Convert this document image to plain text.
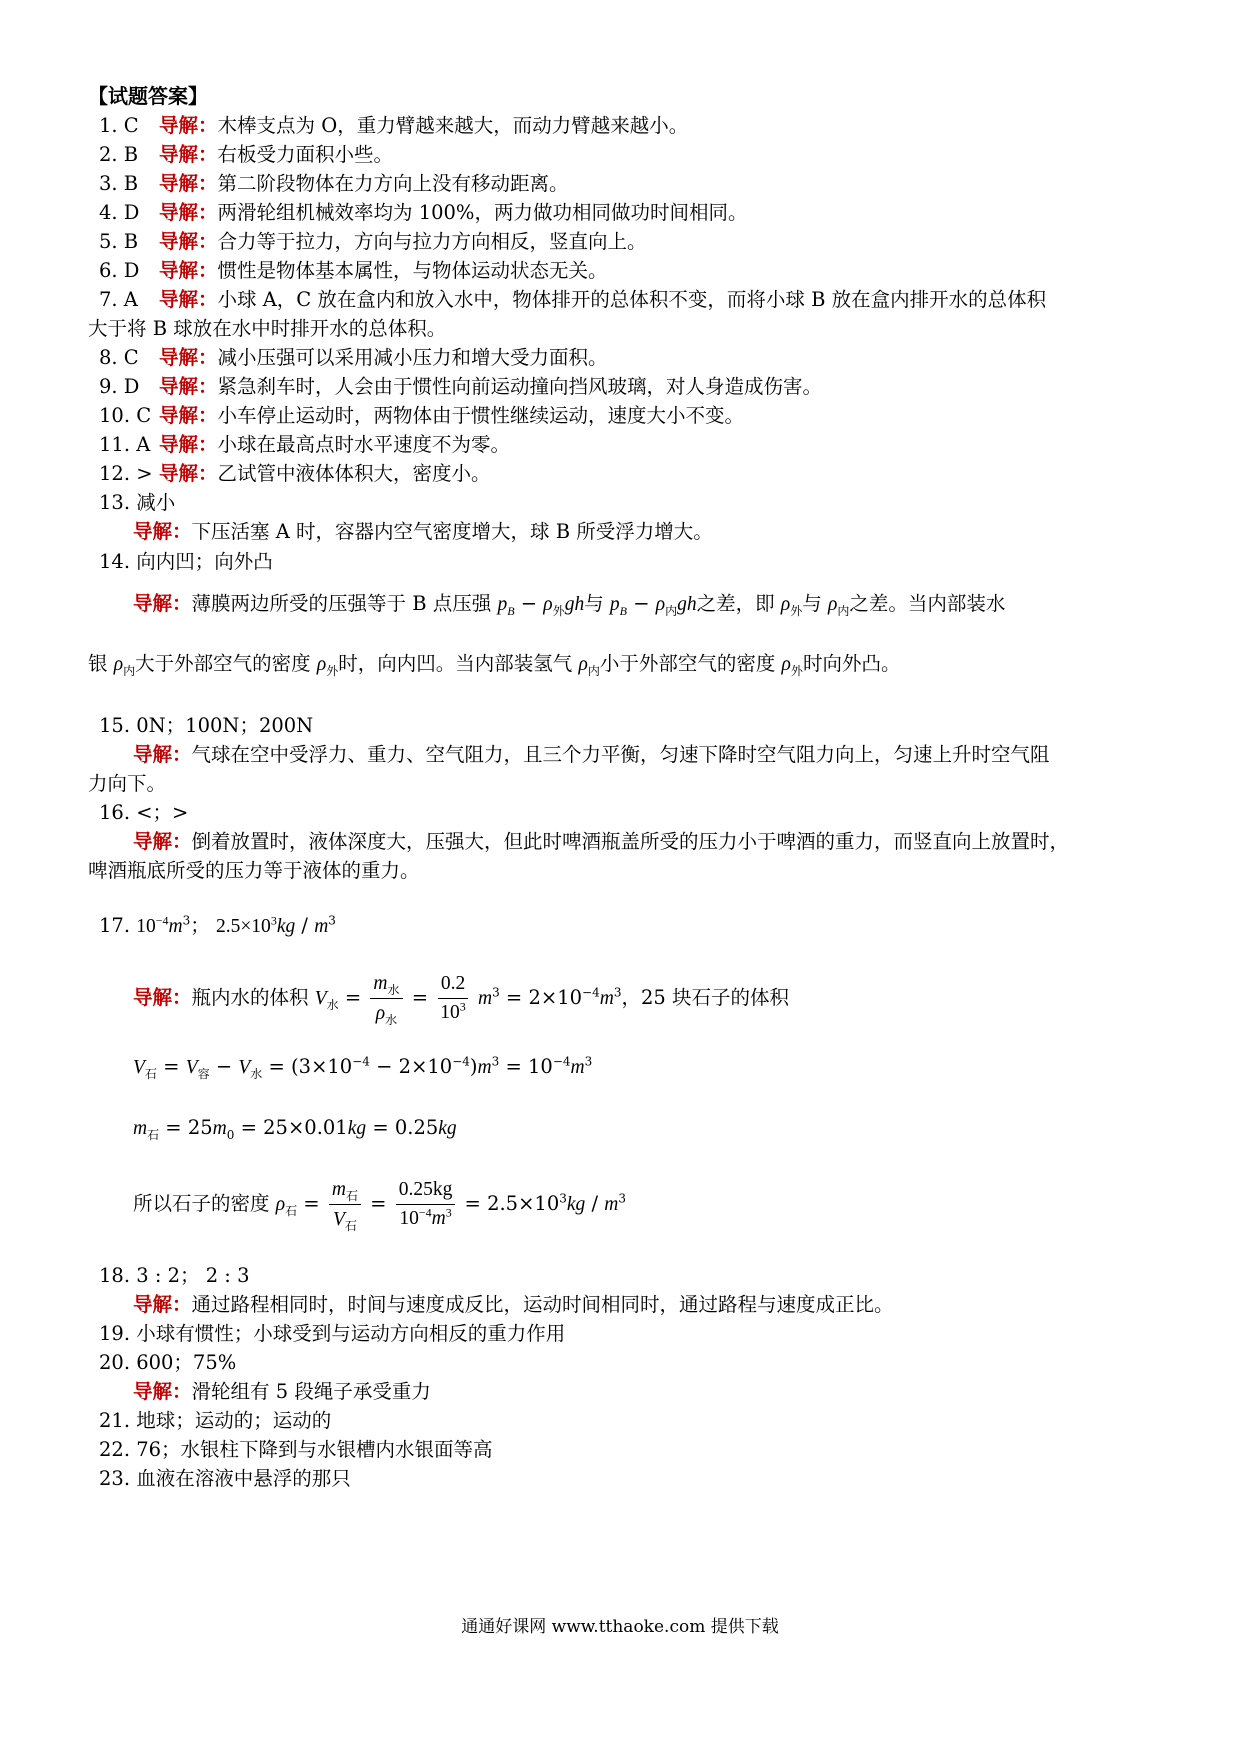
【试题答案】
1. C 导解：木棒支点为 O，重力臂越来越大，而动力臂越来越小。
2. B 导解：右板受力面积小些。
3. B 导解：第二阶段物体在力方向上没有移动距离。
4. D 导解：两滑轮组机械效率均为 100%，两力做功相同做功时间相同。
5. B 导解：合力等于拉力，方向与拉力方向相反，竖直向上。
6. D 导解：惯性是物体基本属性，与物体运动状态无关。
7. A 导解：小球 A，C 放在盒内和放入水中，物体排开的总体积不变，而将小球 B 放在盒内排开水的总体积
大于将 B 球放在水中时排开水的总体积。
8. C 导解：减小压强可以采用减小压力和增大受力面积。
9. D 导解：紧急刹车时，人会由于惯性向前运动撞向挡风玻璃，对人身造成伤害。
10. C 导解：小车停止运动时，两物体由于惯性继续运动，速度大小不变。
11. A 导解：小球在最高点时水平速度不为零。
12. > 导解：乙试管中液体体积大，密度小。
13. 减小
导解：下压活塞 A 时，容器内空气密度增大，球 B 所受浮力增大。
14. 向内凹；向外凸
导解：薄膜两边所受的压强等于 B 点压强 $p_B - \rho_外gh$与 $p_B - \rho_内gh$之差，即 $\rho_外$与 $\rho_内$之差。当内部装水
银 $\rho_内$大于外部空气的密度 $\rho_外$时，向内凹。当内部装氢气 $\rho_内$小于外部空气的密度 $\rho_外$时向外凸。
15. 0N；100N；200N
导解：气球在空中受浮力、重力、空气阻力，且三个力平衡，匀速下降时空气阻力向上，匀速上升时空气阻
力向下。
16. <；>
导解：倒着放置时，液体深度大，压强大，但此时啤酒瓶盖所受的压力小于啤酒的重力，而竖直向上放置时，
啤酒瓶底所受的压力等于液体的重力。
17. $10^{-4}m^3$； $2.5\times 10^3kg / m^3$
导解：瓶内水的体积 $V_水 = \frac{m_水}{\rho_水} = \frac{0.2}{10^3} m^3 = 2\times 10^{-4}m^3$，25 块石子的体积
$V_石 = V_容 - V_水 = (3\times 10^{-4} - 2\times 10^{-4})m^3 = 10^{-4}m^3$
$m_石 = 25m_0 = 25\times 0.01kg = 0.25kg$
所以石子的密度 $\rho_石 = \frac{m_石}{V_石} = \frac{0.25kg}{10^{-4}m^3} = 2.5\times 10^3kg / m^3$
18. 3 : 2； 2 : 3
导解：通过路程相同时，时间与速度成反比，运动时间相同时，通过路程与速度成正比。
19. 小球有惯性；小球受到与运动方向相反的重力作用
20. 600；75%
导解：滑轮组有 5 段绳子承受重力
21. 地球；运动的；运动的
22. 76；水银柱下降到与水银槽内水银面等高
23. 血液在溶液中悬浮的那只
通通好课网 www.tthaoke.com 提供下载
